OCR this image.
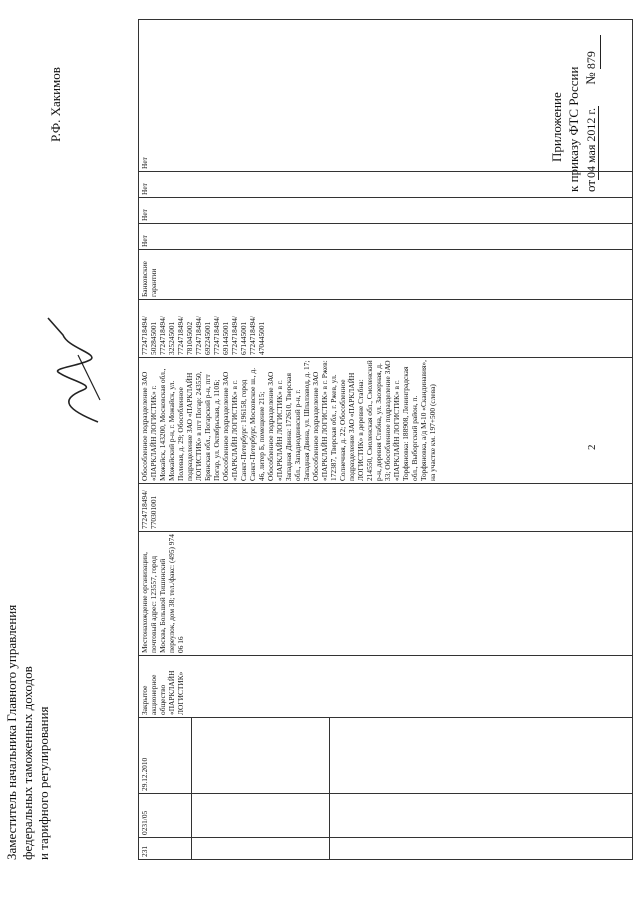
2
Приложение к приказу ФТС России от04 мая 2012 г. № 879
231	0231/05	29.12.2010	Закрытое акционерное общество «ПАРКЛАЙН ЛОГИСТИК»	Местонахождение организации, почтовый адрес: 123557, город Москва, Большой Тишинский переулок, дом 38; тел./факс: (495) 974 06 16	7724718494/ 770301001	Обособленное подразделение ЗАО «ПАРКЛАЙН ЛОГИСТИК» г. Можайск, 143200, Московская обл., Можайский р-н, г. Можайск, ул. Полевая, д. 29; Обособленное подразделение ЗАО «ПАРКЛАЙН ЛОГИСТИК» в пгт Погар: 243550, Брянская обл., Погарский р-н, пгт Погар, ул. Октябрьская, д. 110Б; Обособленное подразделение ЗАО «ПАРКЛАЙН ЛОГИСТИК» в г. Санкт-Петербург: 196158, город Санкт-Петербург, Московское ш., д. 46, литер Б, помещение 215; Обособленное подразделение ЗАО «ПАРКЛАЙН ЛОГИСТИК» в г. Западная Двина: 172610, Тверская обл., Западнодвинский р-н, г. Западная Двина, ул. Шпалзавод, д. 17; Обособленное подразделение ЗАО «ПАРКЛАЙН ЛОГИСТИК» в г. Ржев: 172387, Тверская обл., г. Ржев, ул. Солнечная, д. 22; Обособленное подразделение ЗАО «ПАРКЛАЙН ЛОГИСТИК» в деревне Стабна: 214550, Смоленская обл., Смоленский р-н, деревня Стабна, ул. Заозерная, д. 33; Обособленное подразделение ЗАО «ПАРКЛАЙН ЛОГИСТИК» в г. Торфяновка: 188908, Ленинградская обл., Выборгский район, п. Торфяновка, а/д М-10 «Скандинавия», на участке км. 197+500 (слева)	7724718494/ 502845001 7724718494/ 325245001 7724718494/ 781045002 7724718494/ 692245001 7724718494/ 691445001 7724718494/ 671445001 7724718494/ 470445001	Банковские гарантии	Нет	Нет	Нет	Нет

Заместитель начальника Главного управления федеральных таможенных доходов и тарифного регулирования
Р.Ф. Хакимов
